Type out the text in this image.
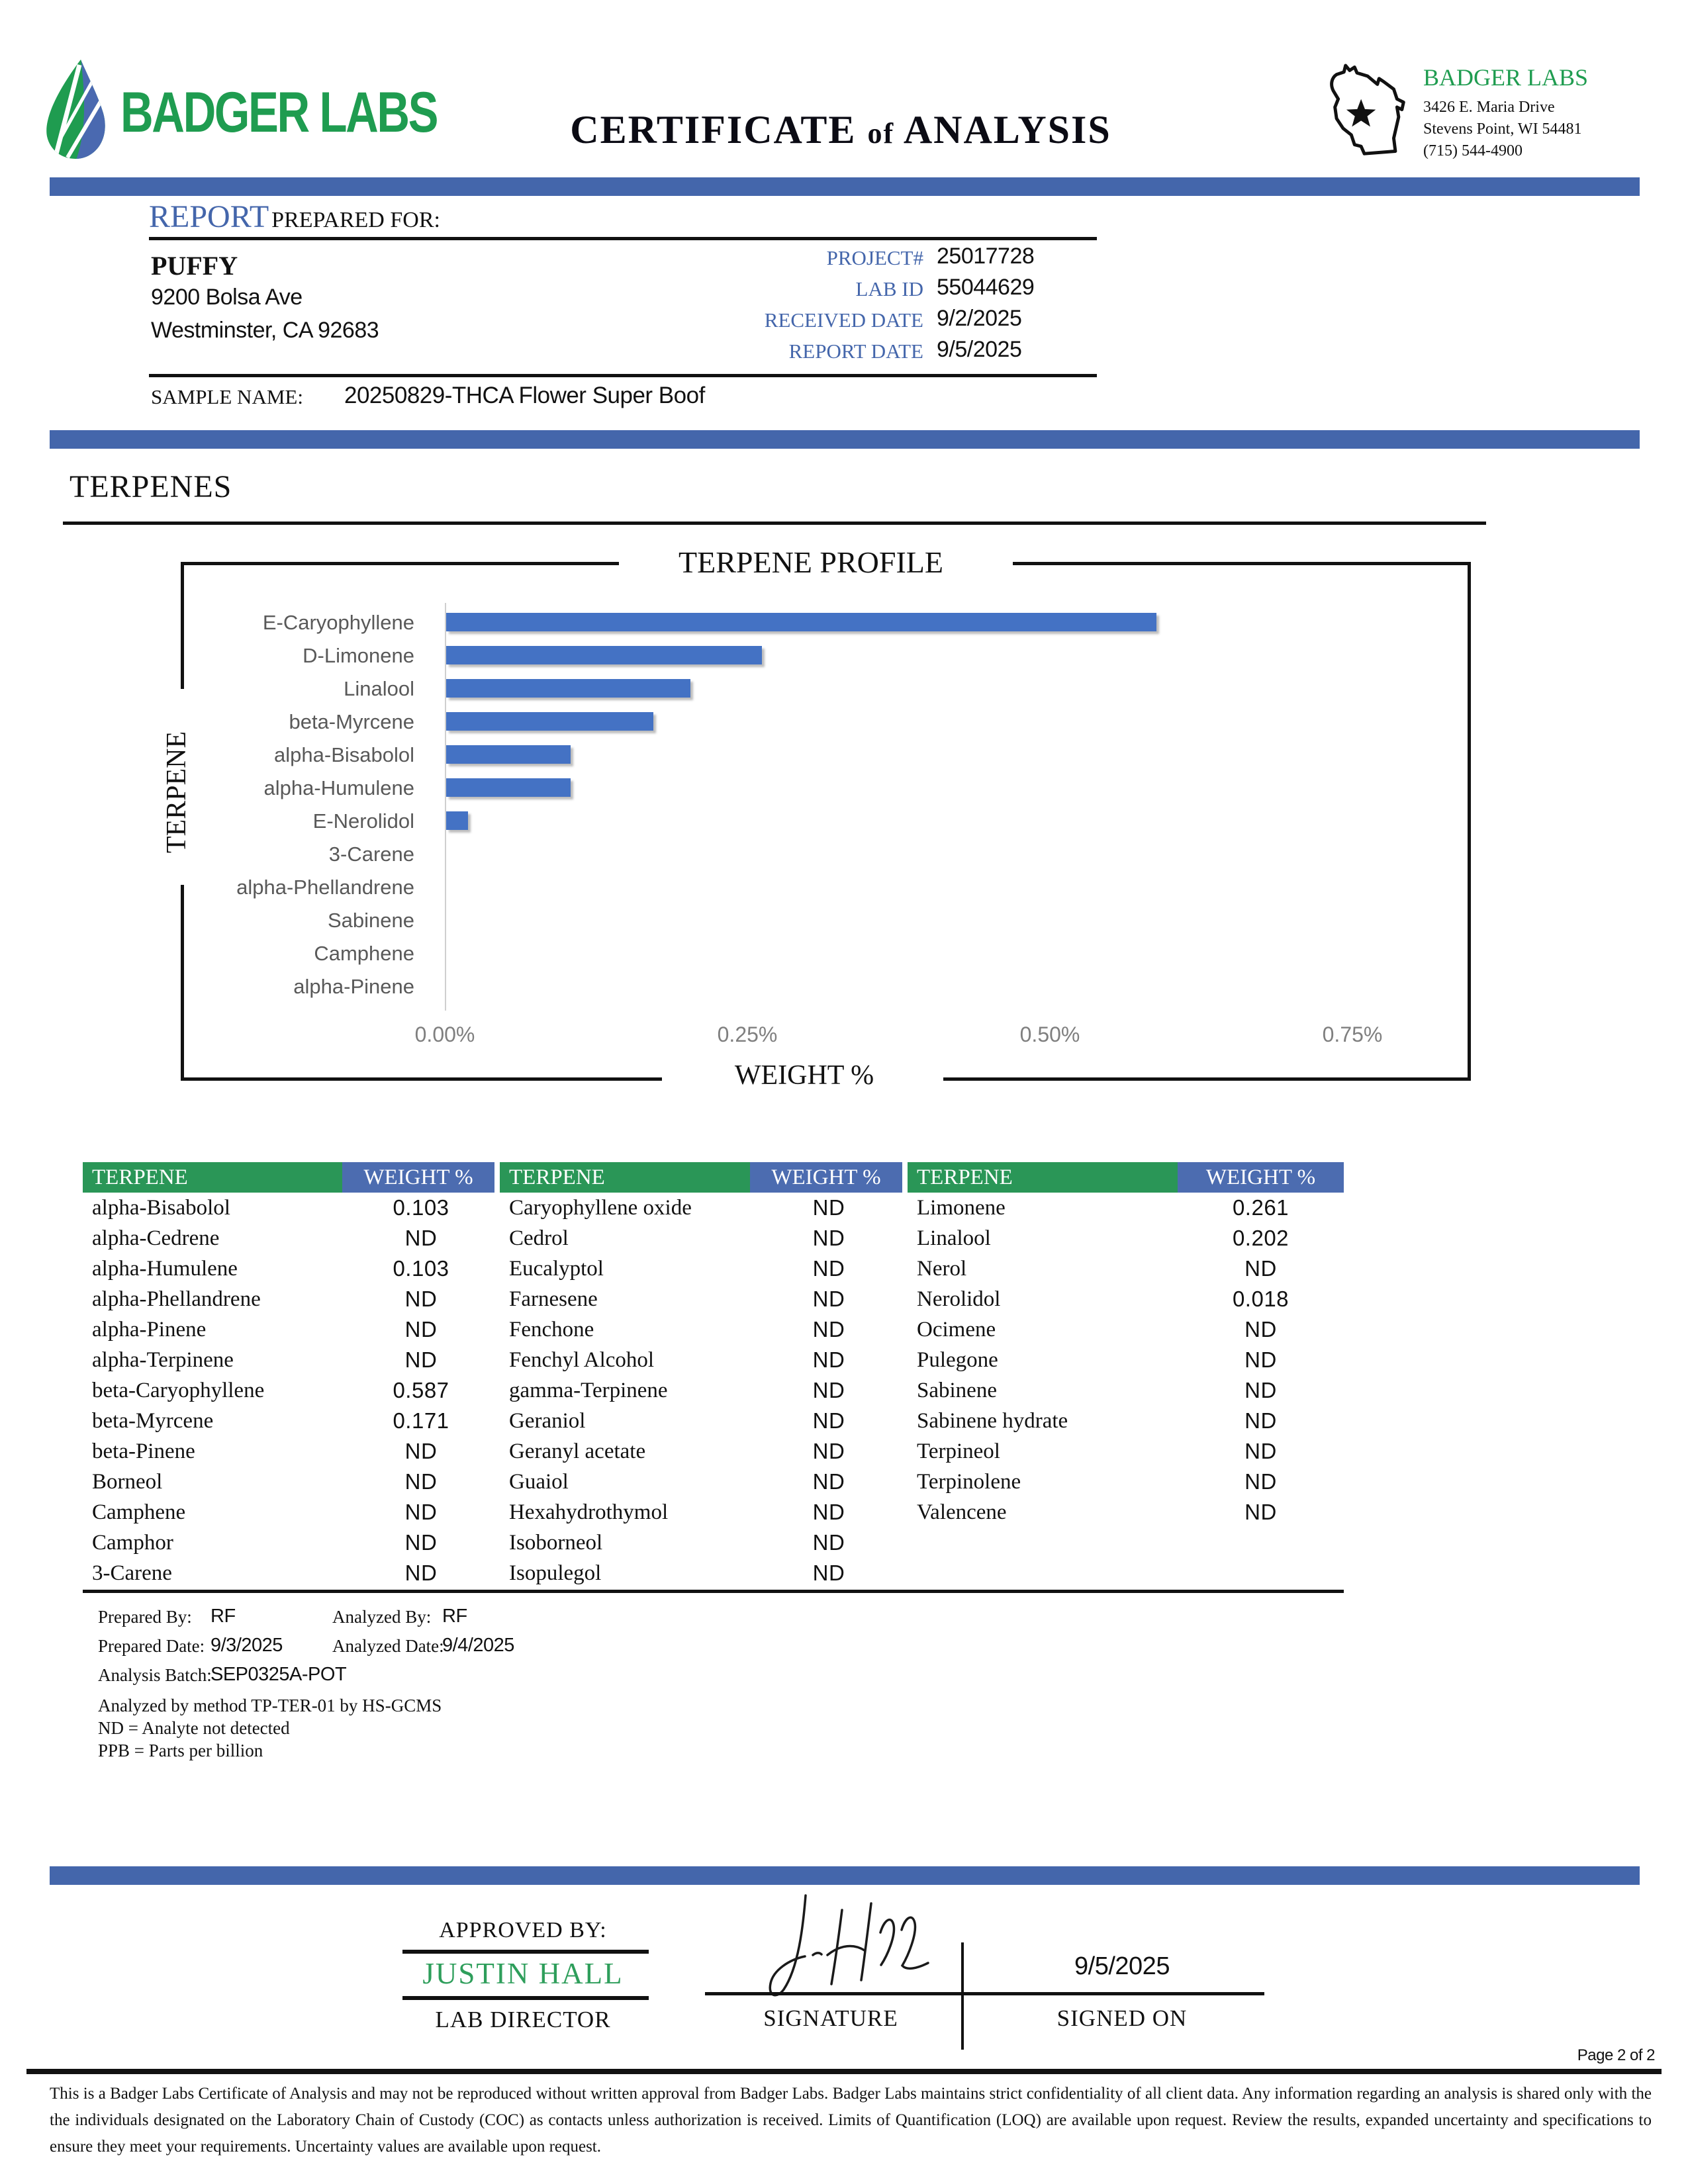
BADGER LABS	CERTIFICATE of ANALYSIS
BADGER LABS
3426 E. Maria Drive
Stevens Point, WI 54481
(715) 544-4900
REPORT PREPARED FOR:
PUFFY
9200 Bolsa Ave
Westminster, CA 92683
PROJECT# 25017728
LAB ID 55044629
RECEIVED DATE 9/2/2025
REPORT DATE 9/5/2025
SAMPLE NAME: 20250829-THCA Flower Super Boof
TERPENES
TERPENE PROFILE
TERPENE
WEIGHT %
E-Caryophyllene
D-Limonene
Linalool
beta-Myrcene
alpha-Bisabolol
alpha-Humulene
E-Nerolidol
3-Carene
alpha-Phellandrene
Sabinene
Camphene
alpha-Pinene
0.00%	0.25%	0.50%	0.75%
TERPENE	WEIGHT %	TERPENE	WEIGHT %	TERPENE	WEIGHT %
alpha-Bisabolol	0.103	Caryophyllene oxide	ND	Limonene	0.261
alpha-Cedrene	ND	Cedrol	ND	Linalool	0.202
alpha-Humulene	0.103	Eucalyptol	ND	Nerol	ND
alpha-Phellandrene	ND	Farnesene	ND	Nerolidol	0.018
alpha-Pinene	ND	Fenchone	ND	Ocimene	ND
alpha-Terpinene	ND	Fenchyl Alcohol	ND	Pulegone	ND
beta-Caryophyllene	0.587	gamma-Terpinene	ND	Sabinene	ND
beta-Myrcene	0.171	Geraniol	ND	Sabinene hydrate	ND
beta-Pinene	ND	Geranyl acetate	ND	Terpineol	ND
Borneol	ND	Guaiol	ND	Terpinolene	ND
Camphene	ND	Hexahydrothymol	ND	Valencene	ND
Camphor	ND	Isoborneol	ND
3-Carene	ND	Isopulegol	ND
Prepared By: RF	Analyzed By: RF
Prepared Date: 9/3/2025	Analyzed Date:
9/4/2025
Analysis Batch:
SEP0325A-POT
Analyzed by method TP-TER-01 by HS-GCMS
ND = Analyte not detected
PPB = Parts per billion
APPROVED BY:
JUSTIN HALL
LAB DIRECTOR	SIGNATURE
9/5/2025
SIGNED ON
Page 2 of 2
This is a Badger Labs Certificate of Analysis and may not be reproduced without written approval from Badger Labs. Badger Labs maintains strict confidentiality of all client data. Any information regarding an analysis is shared only with the the individuals designated on the Laboratory Chain of Custody (COC) as contacts unless authorization is received. Limits of Quantification (LOQ) are available upon request. Review the results, expanded uncertainty and specifications to ensure they meet your requirements. Uncertainty values are available upon request.
